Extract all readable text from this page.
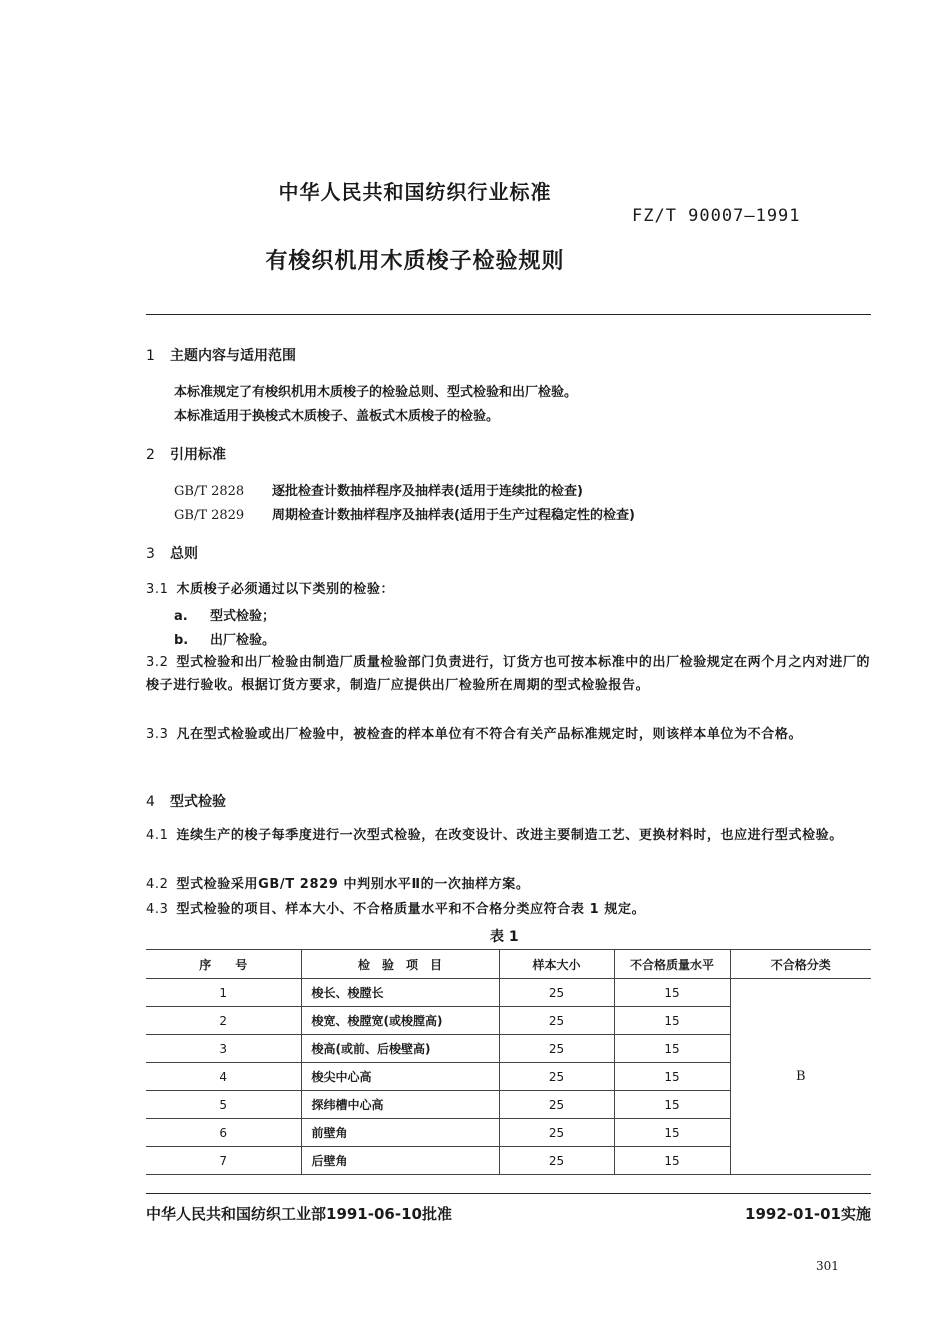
中华人民共和国纺织行业标准
FZ/T 90007—1991
有梭织机用木质梭子检验规则
1 主题内容与适用范围
本标准规定了有梭织机用木质梭子的检验总则、型式检验和出厂检验。
本标准适用于换梭式木质梭子、盖板式木质梭子的检验。
2 引用标准
GB/T 2828 逐批检查计数抽样程序及抽样表(适用于连续批的检查)
GB/T 2829 周期检查计数抽样程序及抽样表(适用于生产过程稳定性的检查)
3 总则
3.1 木质梭子必须通过以下类别的检验：
a. 型式检验；
b. 出厂检验。
3.2 型式检验和出厂检验由制造厂质量检验部门负责进行，订货方也可按本标准中的出厂检验规定在两个月之内对进厂的梭子进行验收。根据订货方要求，制造厂应提供出厂检验所在周期的型式检验报告。
3.3 凡在型式检验或出厂检验中，被检查的样本单位有不符合有关产品标准规定时，则该样本单位为不合格。
4 型式检验
4.1 连续生产的梭子每季度进行一次型式检验，在改变设计、改进主要制造工艺、更换材料时，也应进行型式检验。
4.2 型式检验采用GB/T 2829 中判别水平Ⅱ的一次抽样方案。
4.3 型式检验的项目、样本大小、不合格质量水平和不合格分类应符合表 1 规定。
表 1
序　　号	检　验　项　目	样本大小	不合格质量水平	不合格分类
1	梭长、梭膛长	25	15	B
2	梭宽、梭膛宽(或梭膛高)	25	15	
3	梭高(或前、后梭壁高)	25	15	
4	梭尖中心高	25	15	
5	探纬槽中心高	25	15	
6	前壁角	25	15	
7	后壁角	25	15	
中华人民共和国纺织工业部1991-06-10批准	1992-01-01实施
301
